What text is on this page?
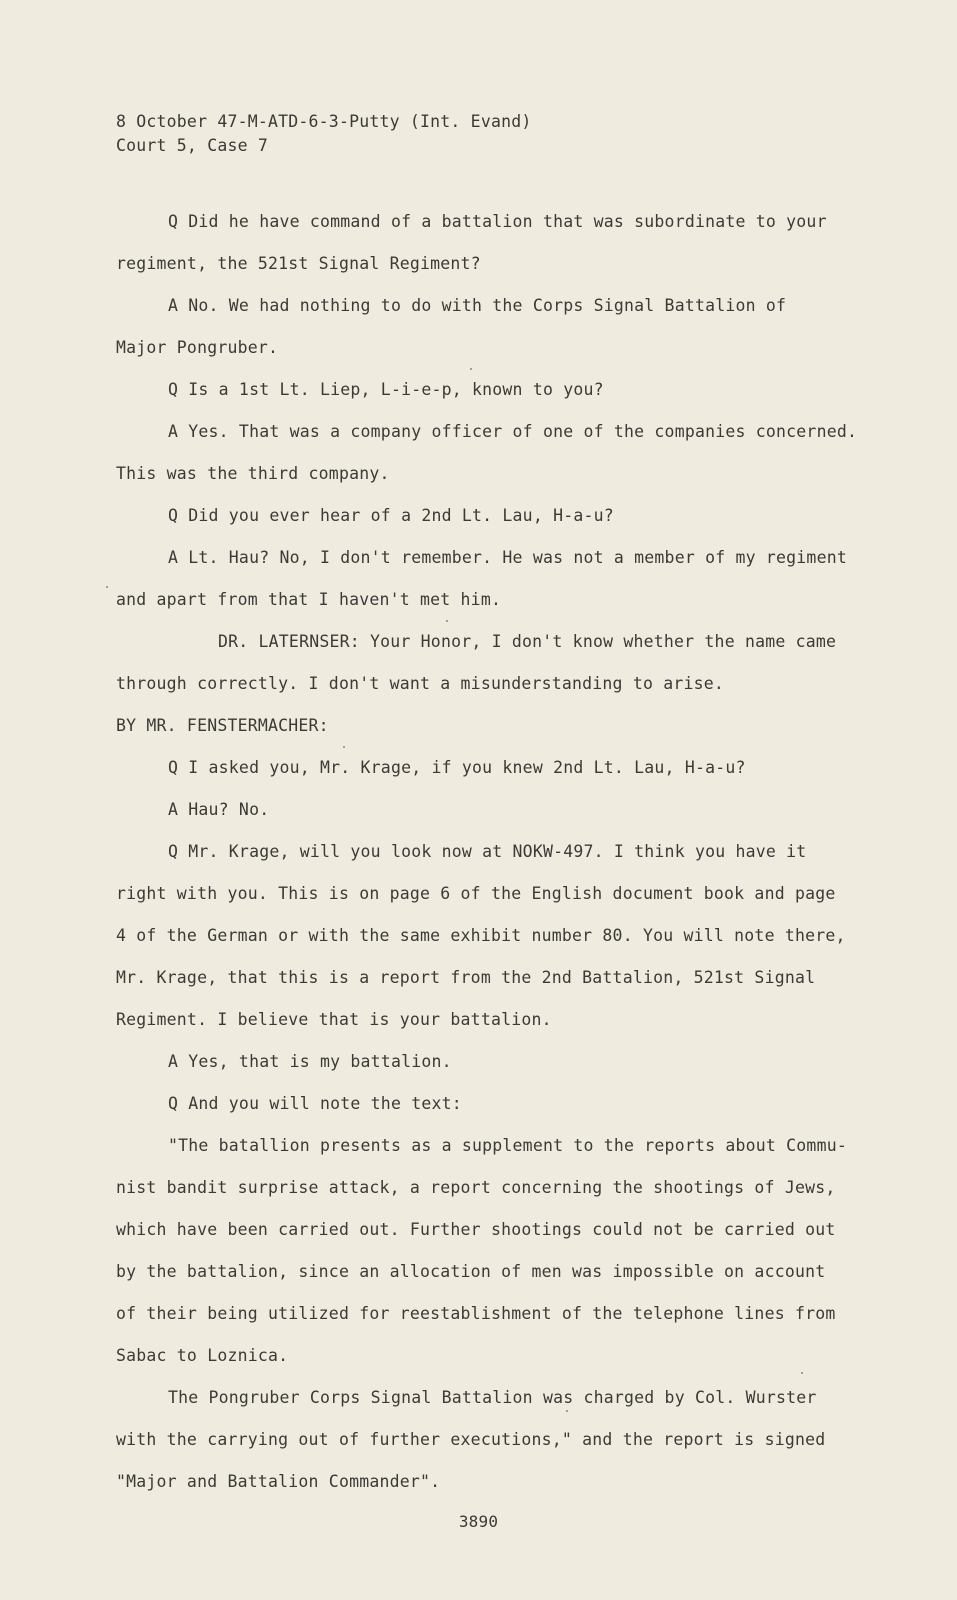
8 October 47-M-ATD-6-3-Putty (Int. Evand)
Court 5, Case 7
Q Did he have command of a battalion that was subordinate to your
regiment, the 521st Signal Regiment?
A No. We had nothing to do with the Corps Signal Battalion of
Major Pongruber.
Q Is a 1st Lt. Liep, L-i-e-p, known to you?
A Yes. That was a company officer of one of the companies concerned.
This was the third company.
Q Did you ever hear of a 2nd Lt. Lau, H-a-u?
A Lt. Hau? No, I don't remember. He was not a member of my regiment
and apart from that I haven't met him.
DR. LATERNSER: Your Honor, I don't know whether the name came
through correctly. I don't want a misunderstanding to arise.
BY MR. FENSTERMACHER:
Q I asked you, Mr. Krage, if you knew 2nd Lt. Lau, H-a-u?
A Hau? No.
Q Mr. Krage, will you look now at NOKW-497. I think you have it
right with you. This is on page 6 of the English document book and page
4 of the German or with the same exhibit number 80. You will note there,
Mr. Krage, that this is a report from the 2nd Battalion, 521st Signal
Regiment. I believe that is your battalion.
A Yes, that is my battalion.
Q And you will note the text:
"The batallion presents as a supplement to the reports about Commu-
nist bandit surprise attack, a report concerning the shootings of Jews,
which have been carried out. Further shootings could not be carried out
by the battalion, since an allocation of men was impossible on account
of their being utilized for reestablishment of the telephone lines from
Sabac to Loznica.
The Pongruber Corps Signal Battalion was charged by Col. Wurster
with the carrying out of further executions," and the report is signed
"Major and Battalion Commander".
3890
